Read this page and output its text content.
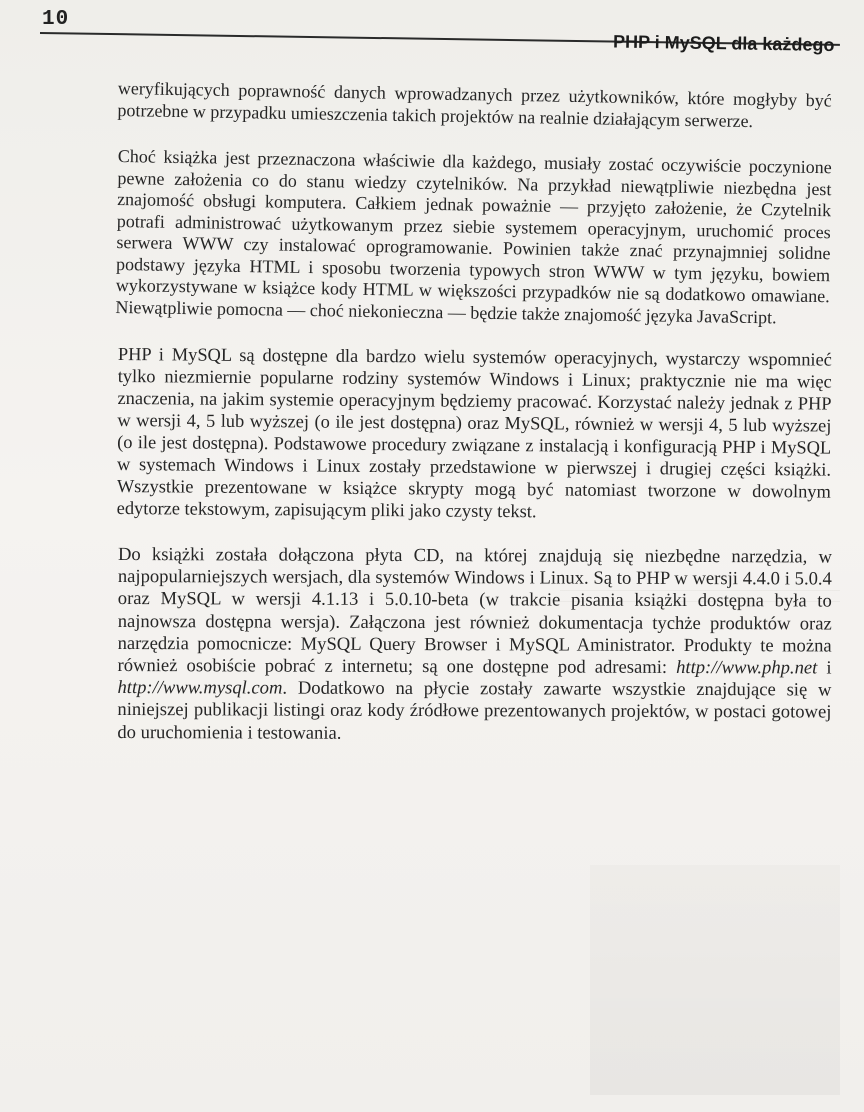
10
PHP i MySQL dla każdego

weryfikujących poprawność danych wprowadzanych przez użytkowników, które mogłyby być potrzebne w przypadku umieszczenia takich projektów na realnie działającym serwerze.

Choć książka jest przeznaczona właściwie dla każdego, musiały zostać oczywiście poczynione pewne założenia co do stanu wiedzy czytelników. Na przykład niewątpliwie niezbędna jest znajomość obsługi komputera. Całkiem jednak poważnie — przyjęto założenie, że Czytelnik potrafi administrować użytkowanym przez siebie systemem operacyjnym, uruchomić proces serwera WWW czy instalować oprogramowanie. Powinien także znać przynajmniej solidne podstawy języka HTML i sposobu tworzenia typowych stron WWW w tym języku, bowiem wykorzystywane w książce kody HTML w większości przypadków nie są dodatkowo omawiane. Niewątpliwie pomocna — choć niekonieczna — będzie także znajomość języka JavaScript.

PHP i MySQL są dostępne dla bardzo wielu systemów operacyjnych, wystarczy wspomnieć tylko niezmiernie popularne rodziny systemów Windows i Linux; praktycznie nie ma więc znaczenia, na jakim systemie operacyjnym będziemy pracować. Korzystać należy jednak z PHP w wersji 4, 5 lub wyższej (o ile jest dostępna) oraz MySQL, również w wersji 4, 5 lub wyższej (o ile jest dostępna). Podstawowe procedury związane z instalacją i konfiguracją PHP i MySQL w systemach Windows i Linux zostały przedstawione w pierwszej i drugiej części książki. Wszystkie prezentowane w książce skrypty mogą być natomiast tworzone w dowolnym edytorze tekstowym, zapisującym pliki jako czysty tekst.

Do książki została dołączona płyta CD, na której znajdują się niezbędne narzędzia, w najpopularniejszych wersjach, dla systemów Windows i Linux. Są to PHP w wersji 4.4.0 i 5.0.4 oraz MySQL w wersji 4.1.13 i 5.0.10-beta (w trakcie pisania książki dostępna była to najnowsza dostępna wersja). Załączona jest również dokumentacja tychże produktów oraz narzędzia pomocnicze: MySQL Query Browser i MySQL Aministrator. Produkty te można również osobiście pobrać z internetu; są one dostępne pod adresami: http://www.php.net i http://www.mysql.com. Dodatkowo na płycie zostały zawarte wszystkie znajdujące się w niniejszej publikacji listingi oraz kody źródłowe prezentowanych projektów, w postaci gotowej do uruchomienia i testowania.
